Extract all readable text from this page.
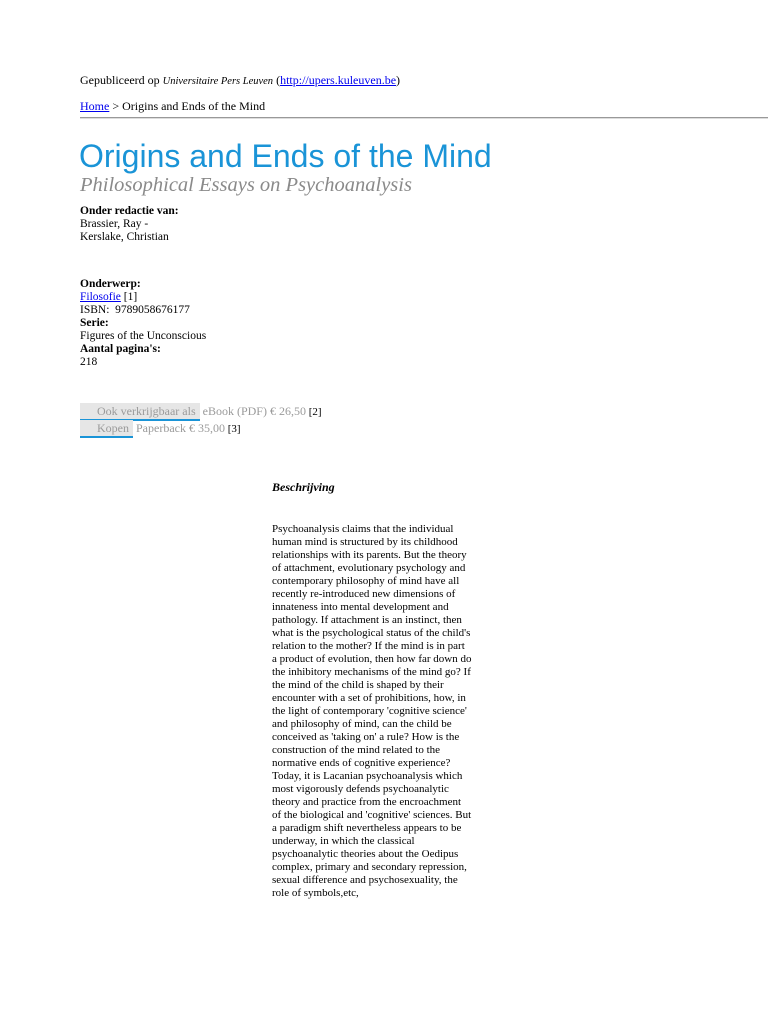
Gepubliceerd op Universitaire Pers Leuven (http://upers.kuleuven.be)
Home > Origins and Ends of the Mind
Origins and Ends of the Mind
Philosophical Essays on Psychoanalysis
Onder redactie van:
Brassier, Ray -
Kerslake, Christian
Onderwerp:
Filosofie [1]
ISBN: 9789058676177
Serie:
Figures of the Unconscious
Aantal pagina's:
218
Ook verkrijgbaar als eBook (PDF) € 26,50 [2]
Kopen Paperback € 35,00 [3]
Beschrijving
Psychoanalysis claims that the individual human mind is structured by its childhood relationships with its parents. But the theory of attachment, evolutionary psychology and contemporary philosophy of mind have all recently re-introduced new dimensions of innateness into mental development and pathology. If attachment is an instinct, then what is the psychological status of the child's relation to the mother? If the mind is in part a product of evolution, then how far down do the inhibitory mechanisms of the mind go? If the mind of the child is shaped by their encounter with a set of prohibitions, how, in the light of contemporary 'cognitive science' and philosophy of mind, can the child be conceived as 'taking on' a rule? How is the construction of the mind related to the normative ends of cognitive experience? Today, it is Lacanian psychoanalysis which most vigorously defends psychoanalytic theory and practice from the encroachment of the biological and 'cognitive' sciences. But a paradigm shift nevertheless appears to be underway, in which the classical psychoanalytic theories about the Oedipus complex, primary and secondary repression, sexual difference and psychosexuality, the role of symbols,etc,
